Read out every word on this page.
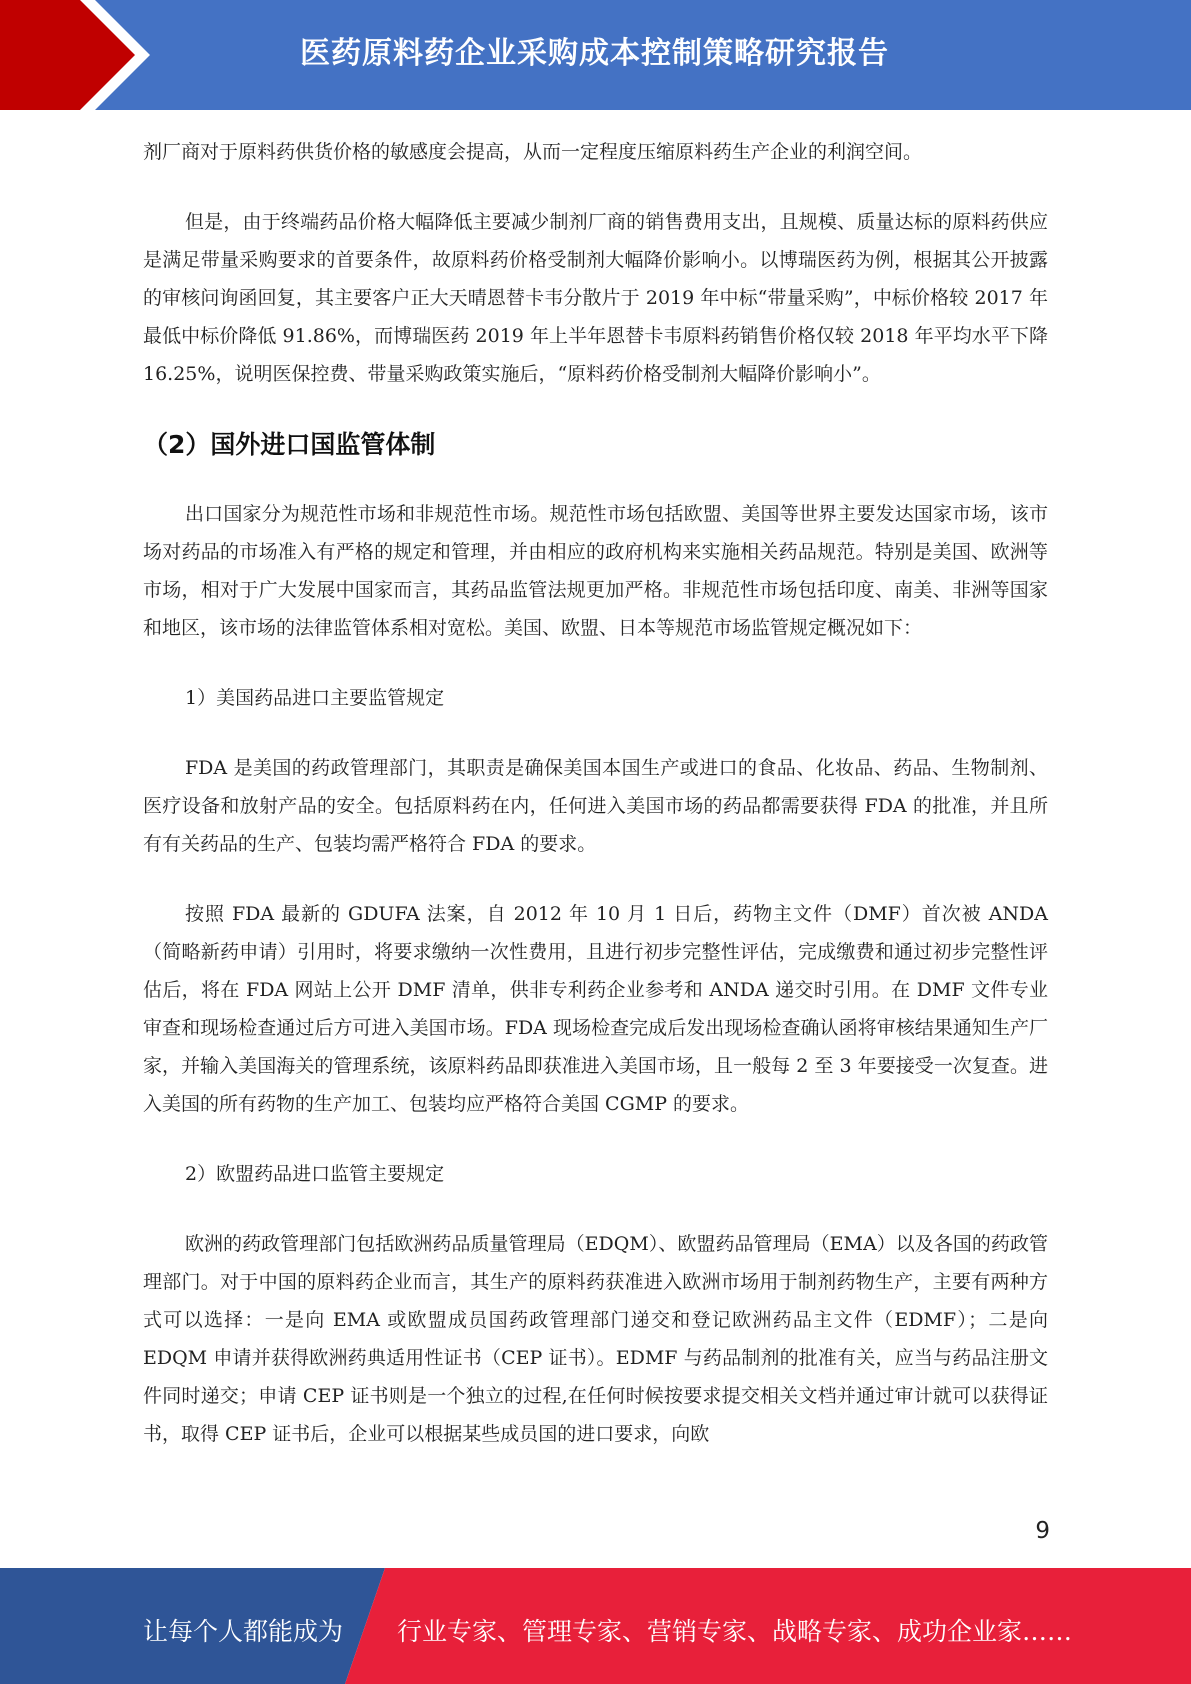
医药原料药企业采购成本控制策略研究报告

剂厂商对于原料药供货价格的敏感度会提高，从而一定程度压缩原料药生产企业的利润空间。

但是，由于终端药品价格大幅降低主要减少制剂厂商的销售费用支出，且规模、质量达标的原料药供应是满足带量采购要求的首要条件，故原料药价格受制剂大幅降价影响小。以博瑞医药为例，根据其公开披露的审核问询函回复，其主要客户正大天晴恩替卡韦分散片于 2019 年中标“带量采购”，中标价格较 2017 年最低中标价降低 91.86%，而博瑞医药 2019 年上半年恩替卡韦原料药销售价格仅较 2018 年平均水平下降 16.25%，说明医保控费、带量采购政策实施后，“原料药价格受制剂大幅降价影响小”。

（2）国外进口国监管体制

出口国家分为规范性市场和非规范性市场。规范性市场包括欧盟、美国等世界主要发达国家市场，该市场对药品的市场准入有严格的规定和管理，并由相应的政府机构来实施相关药品规范。特别是美国、欧洲等市场，相对于广大发展中国家而言，其药品监管法规更加严格。非规范性市场包括印度、南美、非洲等国家和地区，该市场的法律监管体系相对宽松。美国、欧盟、日本等规范市场监管规定概况如下：

1）美国药品进口主要监管规定

FDA 是美国的药政管理部门，其职责是确保美国本国生产或进口的食品、化妆品、药品、生物制剂、医疗设备和放射产品的安全。包括原料药在内，任何进入美国市场的药品都需要获得 FDA 的批准，并且所有有关药品的生产、包装均需严格符合 FDA 的要求。

按照 FDA 最新的 GDUFA 法案，自 2012 年 10 月 1 日后，药物主文件（DMF）首次被 ANDA（简略新药申请）引用时，将要求缴纳一次性费用，且进行初步完整性评估，完成缴费和通过初步完整性评估后，将在 FDA 网站上公开 DMF 清单，供非专利药企业参考和 ANDA 递交时引用。在 DMF 文件专业审查和现场检查通过后方可进入美国市场。FDA 现场检查完成后发出现场检查确认函将审核结果通知生产厂家，并输入美国海关的管理系统，该原料药品即获准进入美国市场，且一般每 2 至 3 年要接受一次复查。进入美国的所有药物的生产加工、包装均应严格符合美国 CGMP 的要求。

2）欧盟药品进口监管主要规定

欧洲的药政管理部门包括欧洲药品质量管理局（EDQM）、欧盟药品管理局（EMA）以及各国的药政管理部门。对于中国的原料药企业而言，其生产的原料药获准进入欧洲市场用于制剂药物生产，主要有两种方式可以选择：一是向 EMA 或欧盟成员国药政管理部门递交和登记欧洲药品主文件（EDMF）；二是向 EDQM 申请并获得欧洲药典适用性证书（CEP 证书）。EDMF 与药品制剂的批准有关，应当与药品注册文件同时递交；申请 CEP 证书则是一个独立的过程,在任何时候按要求提交相关文档并通过审计就可以获得证书，取得 CEP 证书后，企业可以根据某些成员国的进口要求，向欧

9
让每个人都能成为 行业专家、管理专家、营销专家、战略专家、成功企业家……
